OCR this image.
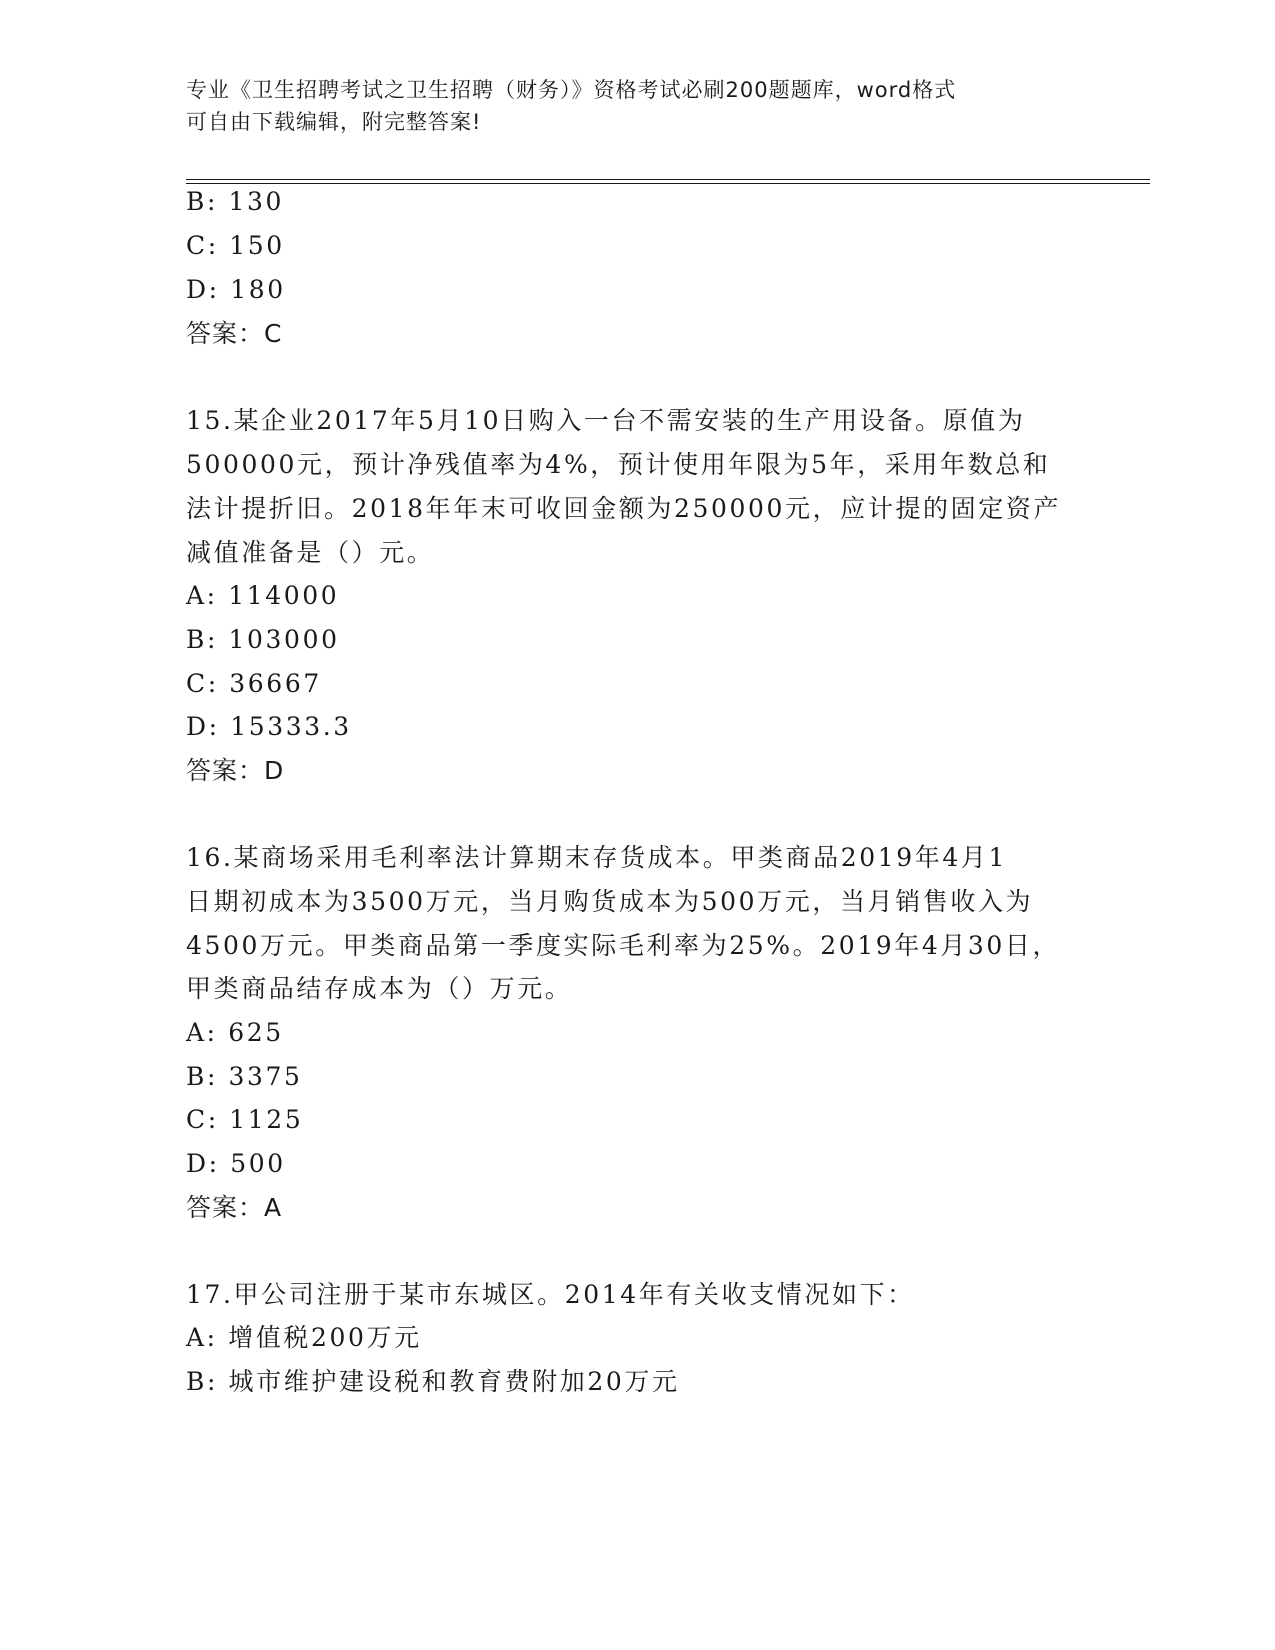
专业《卫生招聘考试之卫生招聘（财务）》资格考试必刷200题题库，word格式
可自由下载编辑，附完整答案!
B: 130
C: 150
D: 180
答案：C
15.某企业2017年5月10日购入一台不需安装的生产用设备。原值为
500000元，预计净残值率为4%，预计使用年限为5年，采用年数总和
法计提折旧。2018年年末可收回金额为250000元，应计提的固定资产
减值准备是（）元。
A: 114000
B: 103000
C: 36667
D: 15333.3
答案：D
16.某商场采用毛利率法计算期末存货成本。甲类商品2019年4月1
日期初成本为3500万元，当月购货成本为500万元，当月销售收入为
4500万元。甲类商品第一季度实际毛利率为25%。2019年4月30日，
甲类商品结存成本为（）万元。
A: 625
B: 3375
C: 1125
D: 500
答案：A
17.甲公司注册于某市东城区。2014年有关收支情况如下：
A: 增值税200万元
B: 城市维护建设税和教育费附加20万元
